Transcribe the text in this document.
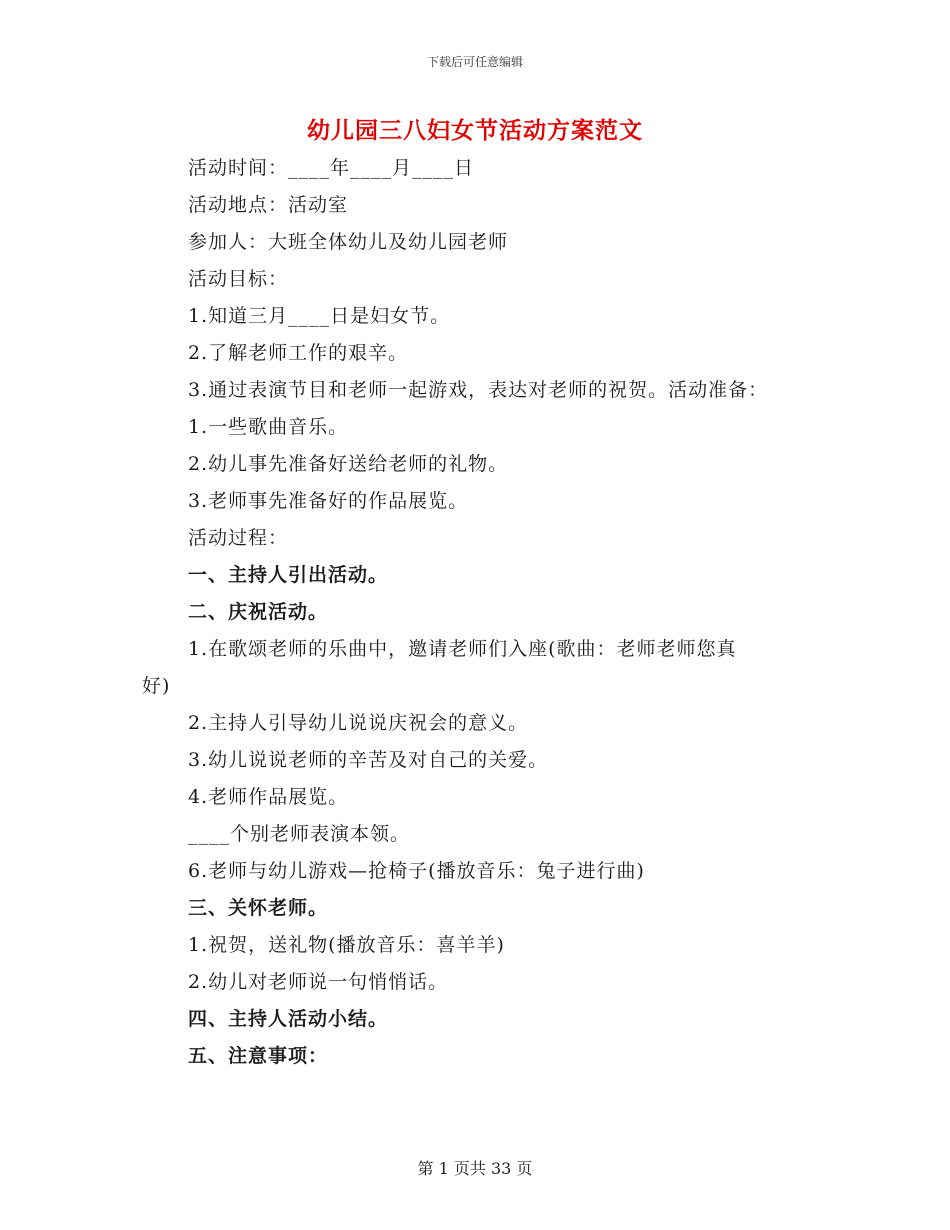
下载后可任意编辑
幼儿园三八妇女节活动方案范文
活动时间：____年____月____日
活动地点：活动室
参加人：大班全体幼儿及幼儿园老师
活动目标：
1.知道三月____日是妇女节。
2.了解老师工作的艰辛。
3.通过表演节目和老师一起游戏，表达对老师的祝贺。活动准备：
1.一些歌曲音乐。
2.幼儿事先准备好送给老师的礼物。
3.老师事先准备好的作品展览。
活动过程：
一、主持人引出活动。
二、庆祝活动。
1.在歌颂老师的乐曲中，邀请老师们入座(歌曲：老师老师您真
好)
2.主持人引导幼儿说说庆祝会的意义。
3.幼儿说说老师的辛苦及对自己的关爱。
4.老师作品展览。
____个别老师表演本领。
6.老师与幼儿游戏—抢椅子(播放音乐：兔子进行曲)
三、关怀老师。
1.祝贺，送礼物(播放音乐：喜羊羊)
2.幼儿对老师说一句悄悄话。
四、主持人活动小结。
五、注意事项：
第 1 页共 33 页
